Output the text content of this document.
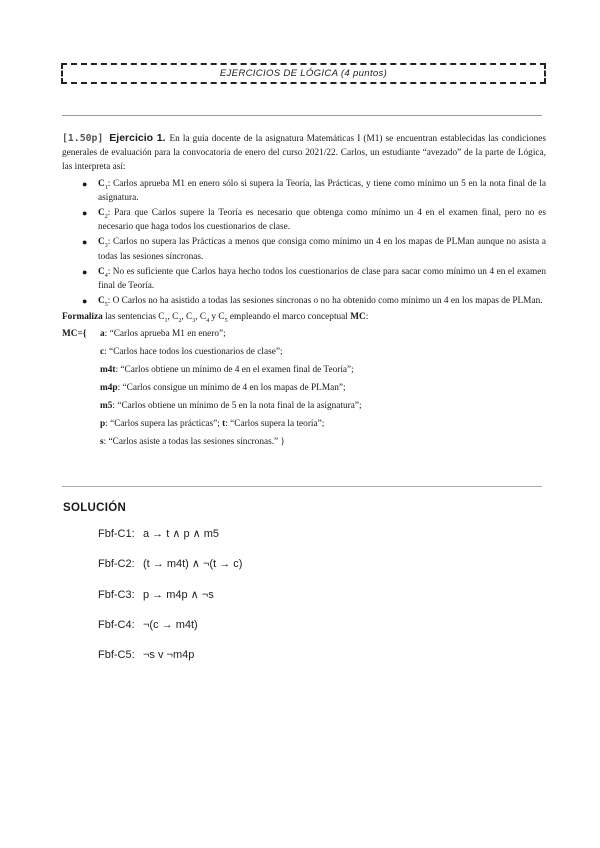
EJERCICIOS DE LÓGICA (4 puntos)

[1.50p] Ejercicio 1. En la guía docente de la asignatura Matemáticas I (M1) se encuentran establecidas las condiciones generales de evaluación para la convocatoria de enero del curso 2021/22. Carlos, un estudiante “avezado” de la parte de Lógica, las interpreta así:

● $C_1$: Carlos aprueba M1 en enero sólo si supera la Teoría, las Prácticas, y tiene como mínimo un 5 en la nota final de la asignatura.
● $C_2$: Para que Carlos supere la Teoría es necesario que obtenga como mínimo un 4 en el examen final, pero no es necesario que haga todos los cuestionarios de clase.
● $C_3$: Carlos no supera las Prácticas a menos que consiga como mínimo un 4 en los mapas de PLMan aunque no asista a todas las sesiones síncronas.
● $C_4$: No es suficiente que Carlos haya hecho todos los cuestionarios de clase para sacar como mínimo un 4 en el examen final de Teoría.
● $C_5$: O Carlos no ha asistido a todas las sesiones síncronas o no ha obtenido como mínimo un 4 en los mapas de PLMan.

Formaliza las sentencias $C_1$, $C_2$, $C_3$, $C_4$ y $C_5$ empleando el marco conceptual MC:

MC={ a: “Carlos aprueba M1 en enero”;

c: “Carlos hace todos los cuestionarios de clase”;

m4t: “Carlos obtiene un mínimo de 4 en el examen final de Teoría”;

m4p: “Carlos consigue un mínimo de 4 en los mapas de PLMan”;

m5: “Carlos obtiene un mínimo de 5 en la nota final de la asignatura”;

p: “Carlos supera las prácticas”; t: “Carlos supera la teoría”;

s: “Carlos asiste a todas las sesiones síncronas.” }

SOLUCIÓN
Fbf-C1: a → t ∧ p ∧ m5
Fbf-C2: (t → m4t) ∧ ¬(t → c)
Fbf-C3: p → m4p ∧ ¬s
Fbf-C4: ¬(c → m4t)
Fbf-C5: ¬s v ¬m4p
